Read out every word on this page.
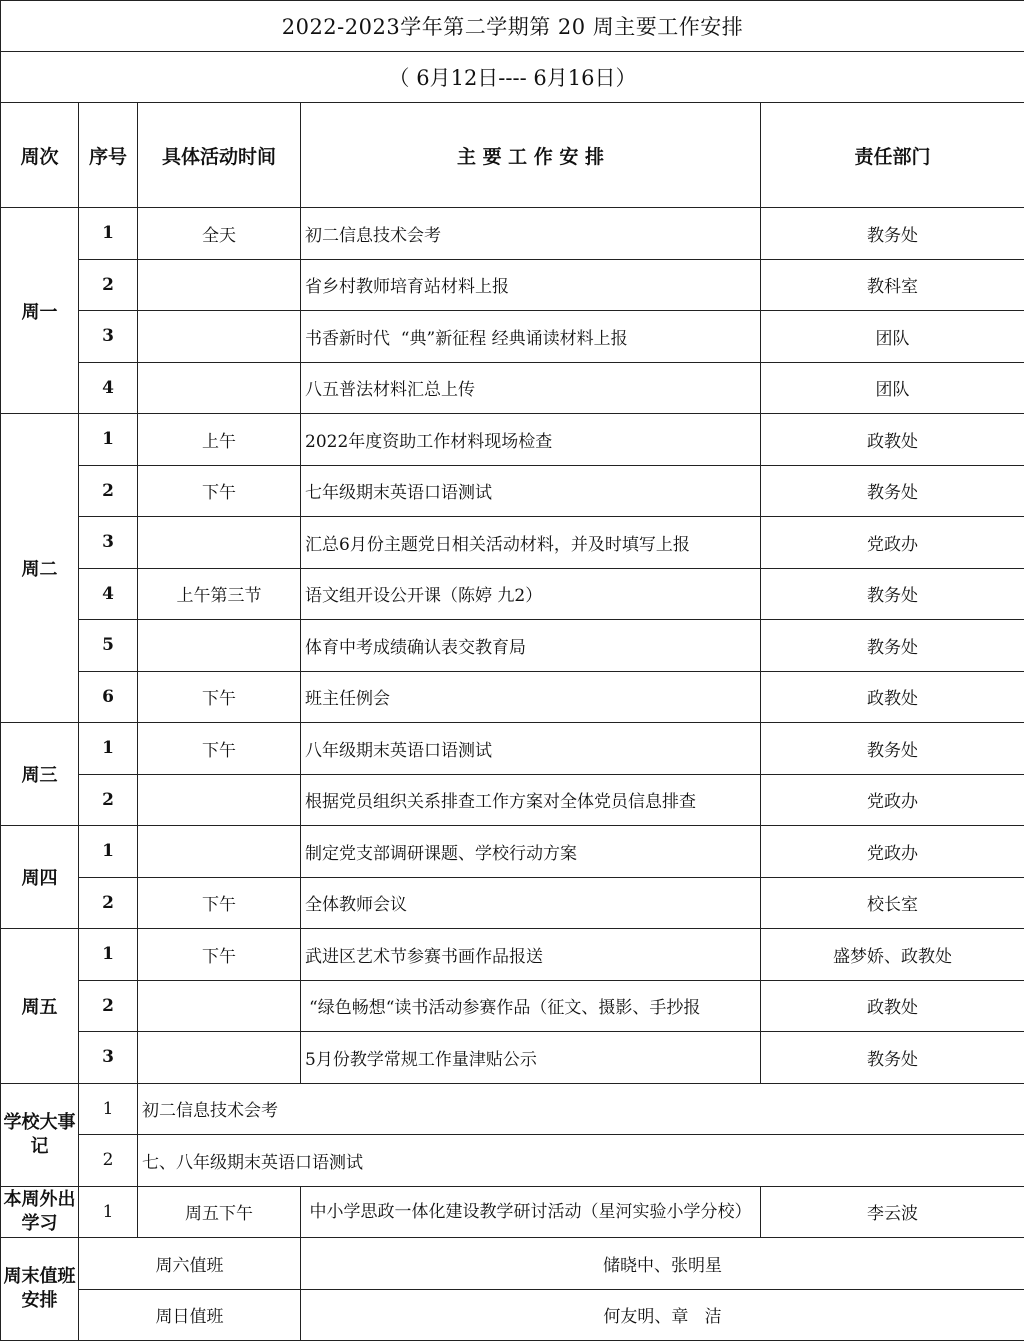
2022-2023学年第二学期第 20 周主要工作安排				
（ 6月12日---- 6月16日）				
周次	序号	具体活动时间	主 要 工 作 安 排	责任部门
周一	1	全天	初二信息技术会考	教务处
	2		省乡村教师培育站材料上报	教科室
	3		书香新时代  “典”新征程 经典诵读材料上报	团队
	4		八五普法材料汇总上传	团队
周二	1	上午	2022年度资助工作材料现场检查	政教处
	2	下午	七年级期末英语口语测试	教务处
	3		汇总6月份主题党日相关活动材料，并及时填写上报	党政办
	4	上午第三节	语文组开设公开课（陈婷 九2）	教务处
	5		体育中考成绩确认表交教育局	教务处
	6	下午	班主任例会	政教处
周三	1	下午	八年级期末英语口语测试	教务处
	2		根据党员组织关系排查工作方案对全体党员信息排查	党政办
周四	1		制定党支部调研课题、学校行动方案	党政办
	2	下午	全体教师会议	校长室
周五	1	下午	武进区艺术节参赛书画作品报送	盛梦娇、政教处
	2		“绿色畅想“读书活动参赛作品（征文、摄影、手抄报	政教处
	3		5月份教学常规工作量津贴公示	教务处
学校大事记	1	初二信息技术会考		
	2	七、八年级期末英语口语测试		
本周外出学习	1	周五下午	中小学思政一体化建设教学研讨活动（星河实验小学分校）	李云波
周末值班安排	周六值班		储晓中、张明星	
	周日值班		何友明、章   洁	
